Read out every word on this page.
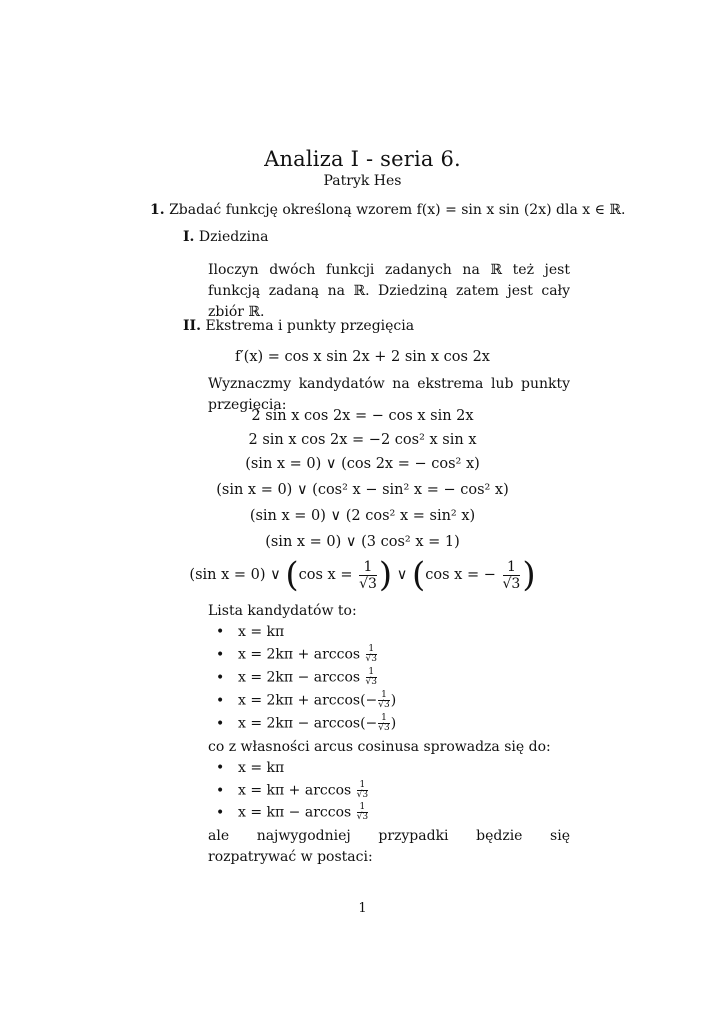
Analiza I - seria 6.
Patryk Hes
1. Zbadać funkcję określoną wzorem f(x) = sin x sin (2x) dla x ∈ ℝ.
I. Dziedzina
Iloczyn dwóch funkcji zadanych na ℝ też jest funkcją zadaną na ℝ. Dziedziną zatem jest cały zbiór ℝ.
II. Ekstrema i punkty przegięcia
f′(x) = cos x sin 2x + 2 sin x cos 2x
Wyznaczmy kandydatów na ekstrema lub punkty przegięcia:
2 sin x cos 2x = − cos x sin 2x
2 sin x cos 2x = −2 cos² x sin x
(sin x = 0) ∨ (cos 2x = − cos² x)
(sin x = 0) ∨ (cos² x − sin² x = − cos² x)
(sin x = 0) ∨ (2 cos² x = sin² x)
(sin x = 0) ∨ (3 cos² x = 1)
(sin x = 0) ∨ (cos $x = \frac{1}{√3}$ ) ∨ (cos x = − $\frac{1}{√3}$ )
Lista kandydatów to:
• x = kπ
• $x = 2k\pi + \arccos \frac{1}{√3}$
• $x = 2k\pi - \arccos \frac{1}{√3}$
• $x = 2k\pi + \arccos(- \frac{1}{√3}$ )
• $x = 2k\pi - \arccos(- \frac{1}{√3}$ )
co z własności arcus cosinusa sprowadza się do:
• x = kπ
• $x = k\pi + \arccos \frac{1}{√3}$
• $x = k\pi - \arccos \frac{1}{√3}$
ale najwygodniej przypadki będzie się rozpatrywać w postaci:
1
